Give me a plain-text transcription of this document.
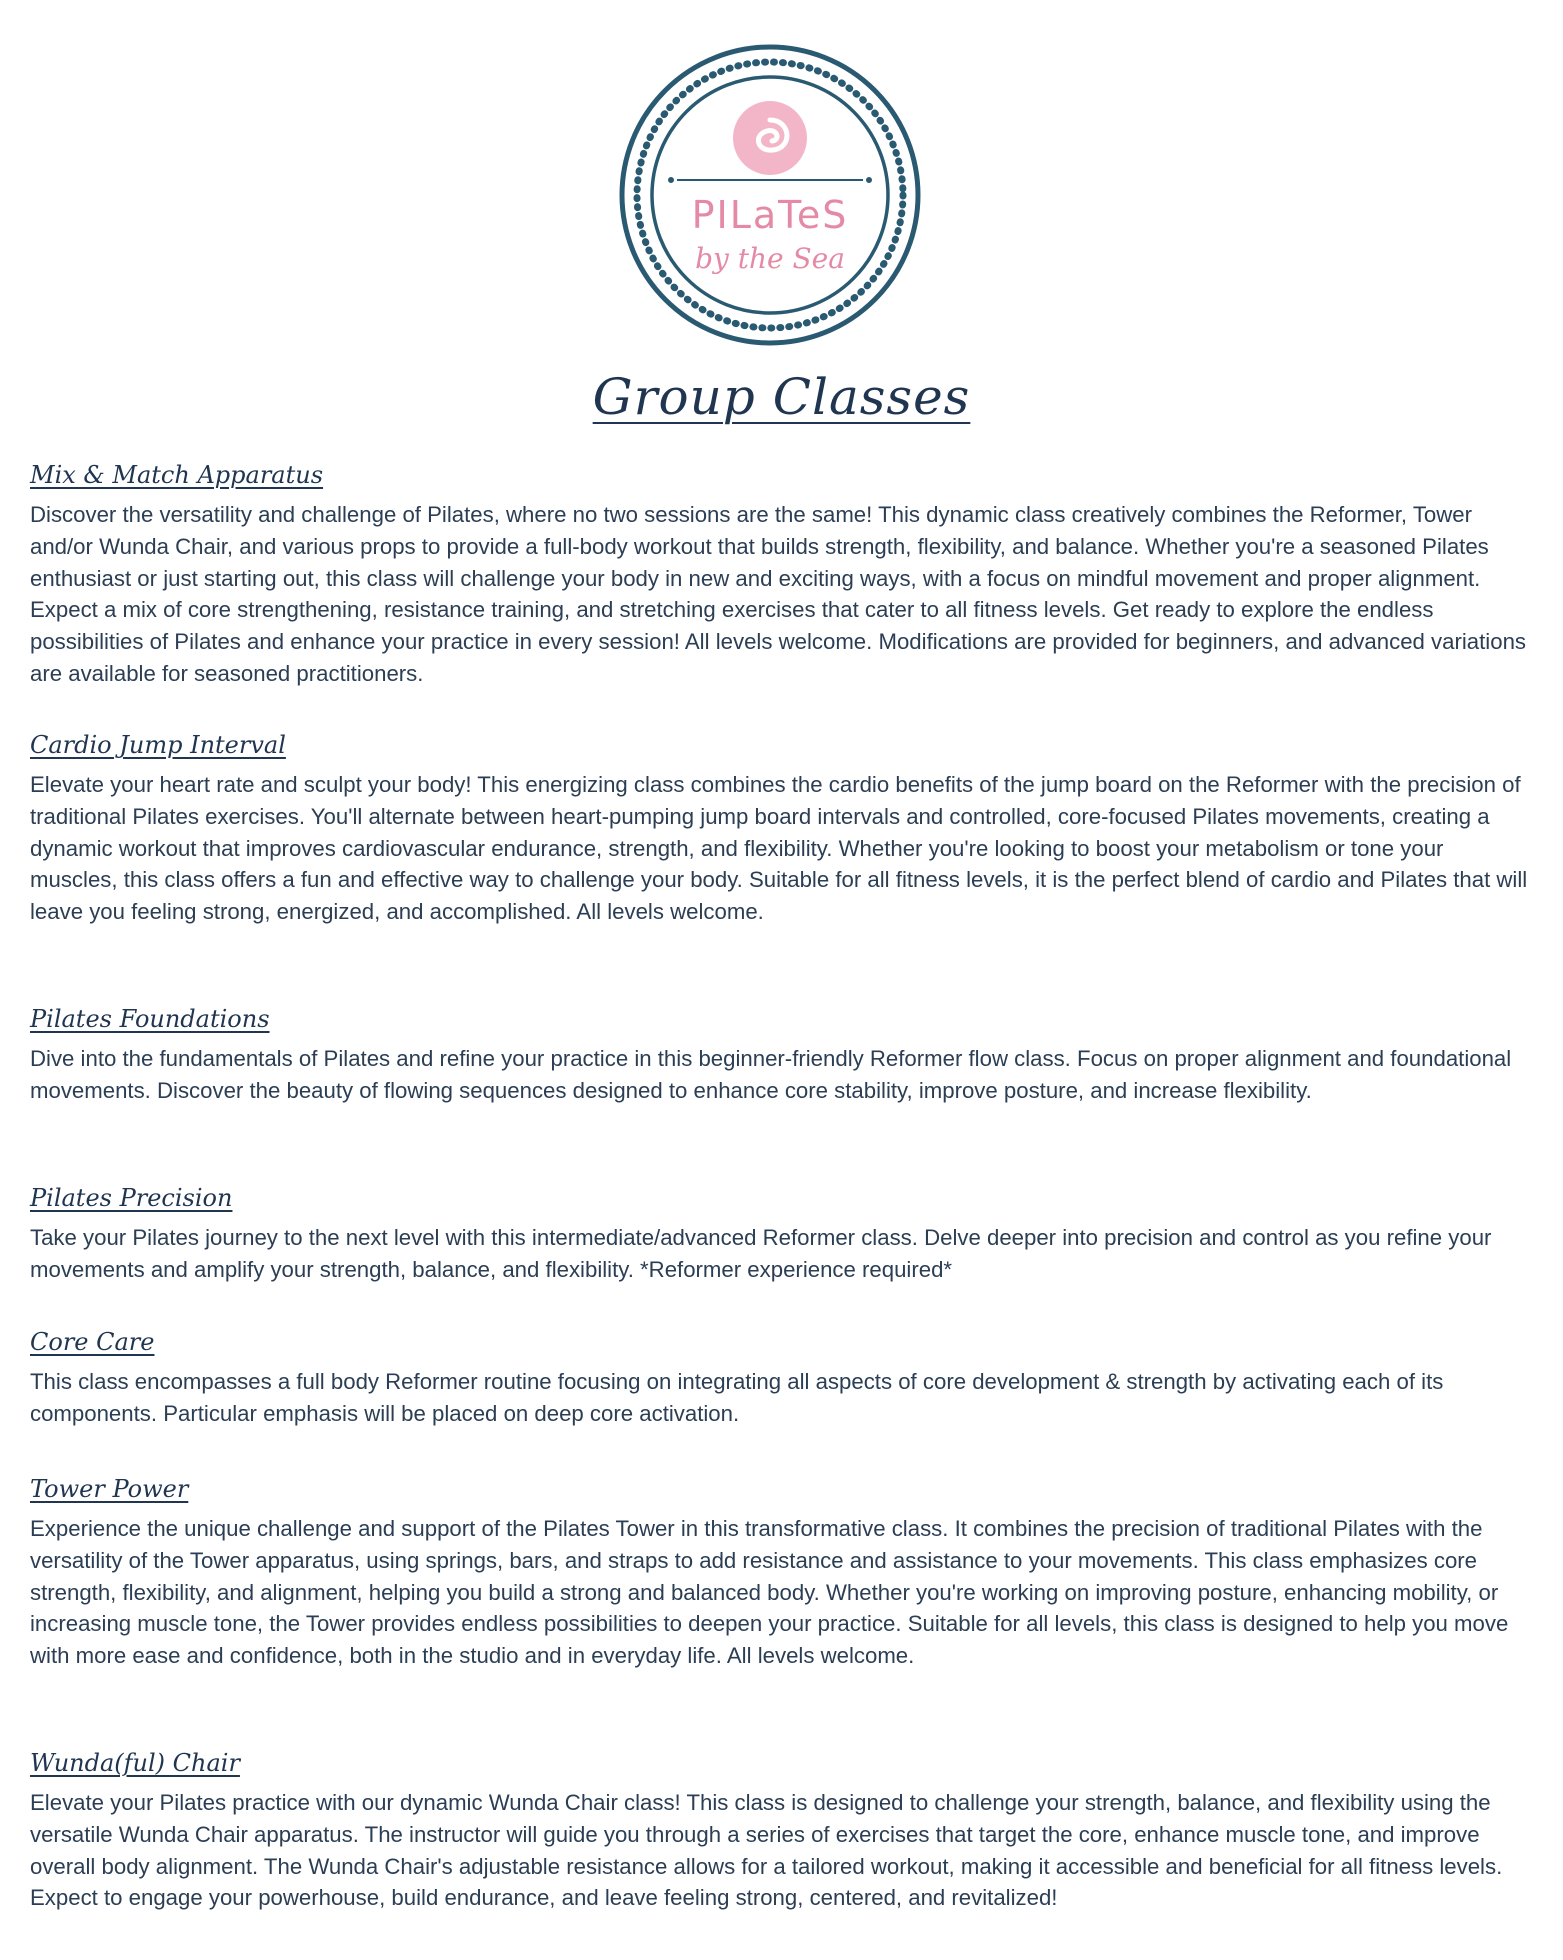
PILaTeS
by the Sea
Group Classes
Mix & Match Apparatus

Discover the versatility and challenge of Pilates, where no two sessions are the same! This dynamic class creatively combines the Reformer, Tower and/or Wunda Chair, and various props to provide a full-body workout that builds strength, flexibility, and balance. Whether you're a seasoned Pilates enthusiast or just starting out, this class will challenge your body in new and exciting ways, with a focus on mindful movement and proper alignment. Expect a mix of core strengthening, resistance training, and stretching exercises that cater to all fitness levels. Get ready to explore the endless possibilities of Pilates and enhance your practice in every session! All levels welcome. Modifications are provided for beginners, and advanced variations are available for seasoned practitioners.

Cardio Jump Interval

Elevate your heart rate and sculpt your body! This energizing class combines the cardio benefits of the jump board on the Reformer with the precision of traditional Pilates exercises. You'll alternate between heart-pumping jump board intervals and controlled, core-focused Pilates movements, creating a dynamic workout that improves cardiovascular endurance, strength, and flexibility. Whether you're looking to boost your metabolism or tone your muscles, this class offers a fun and effective way to challenge your body. Suitable for all fitness levels, it is the perfect blend of cardio and Pilates that will leave you feeling strong, energized, and accomplished. All levels welcome.

Pilates Foundations

Dive into the fundamentals of Pilates and refine your practice in this beginner-friendly Reformer flow class. Focus on proper alignment and foundational movements. Discover the beauty of flowing sequences designed to enhance core stability, improve posture, and increase flexibility.

Pilates Precision

Take your Pilates journey to the next level with this intermediate/advanced Reformer class. Delve deeper into precision and control as you refine your movements and amplify your strength, balance, and flexibility. *Reformer experience required*

Core Care

This class encompasses a full body Reformer routine focusing on integrating all aspects of core development & strength by activating each of its components. Particular emphasis will be placed on deep core activation.

Tower Power

Experience the unique challenge and support of the Pilates Tower in this transformative class. It combines the precision of traditional Pilates with the versatility of the Tower apparatus, using springs, bars, and straps to add resistance and assistance to your movements. This class emphasizes core strength, flexibility, and alignment, helping you build a strong and balanced body. Whether you're working on improving posture, enhancing mobility, or increasing muscle tone, the Tower provides endless possibilities to deepen your practice. Suitable for all levels, this class is designed to help you move with more ease and confidence, both in the studio and in everyday life. All levels welcome.

Wunda(ful) Chair

Elevate your Pilates practice with our dynamic Wunda Chair class! This class is designed to challenge your strength, balance, and flexibility using the versatile Wunda Chair apparatus. The instructor will guide you through a series of exercises that target the core, enhance muscle tone, and improve overall body alignment. The Wunda Chair's adjustable resistance allows for a tailored workout, making it accessible and beneficial for all fitness levels. Expect to engage your powerhouse, build endurance, and leave feeling strong, centered, and revitalized!
